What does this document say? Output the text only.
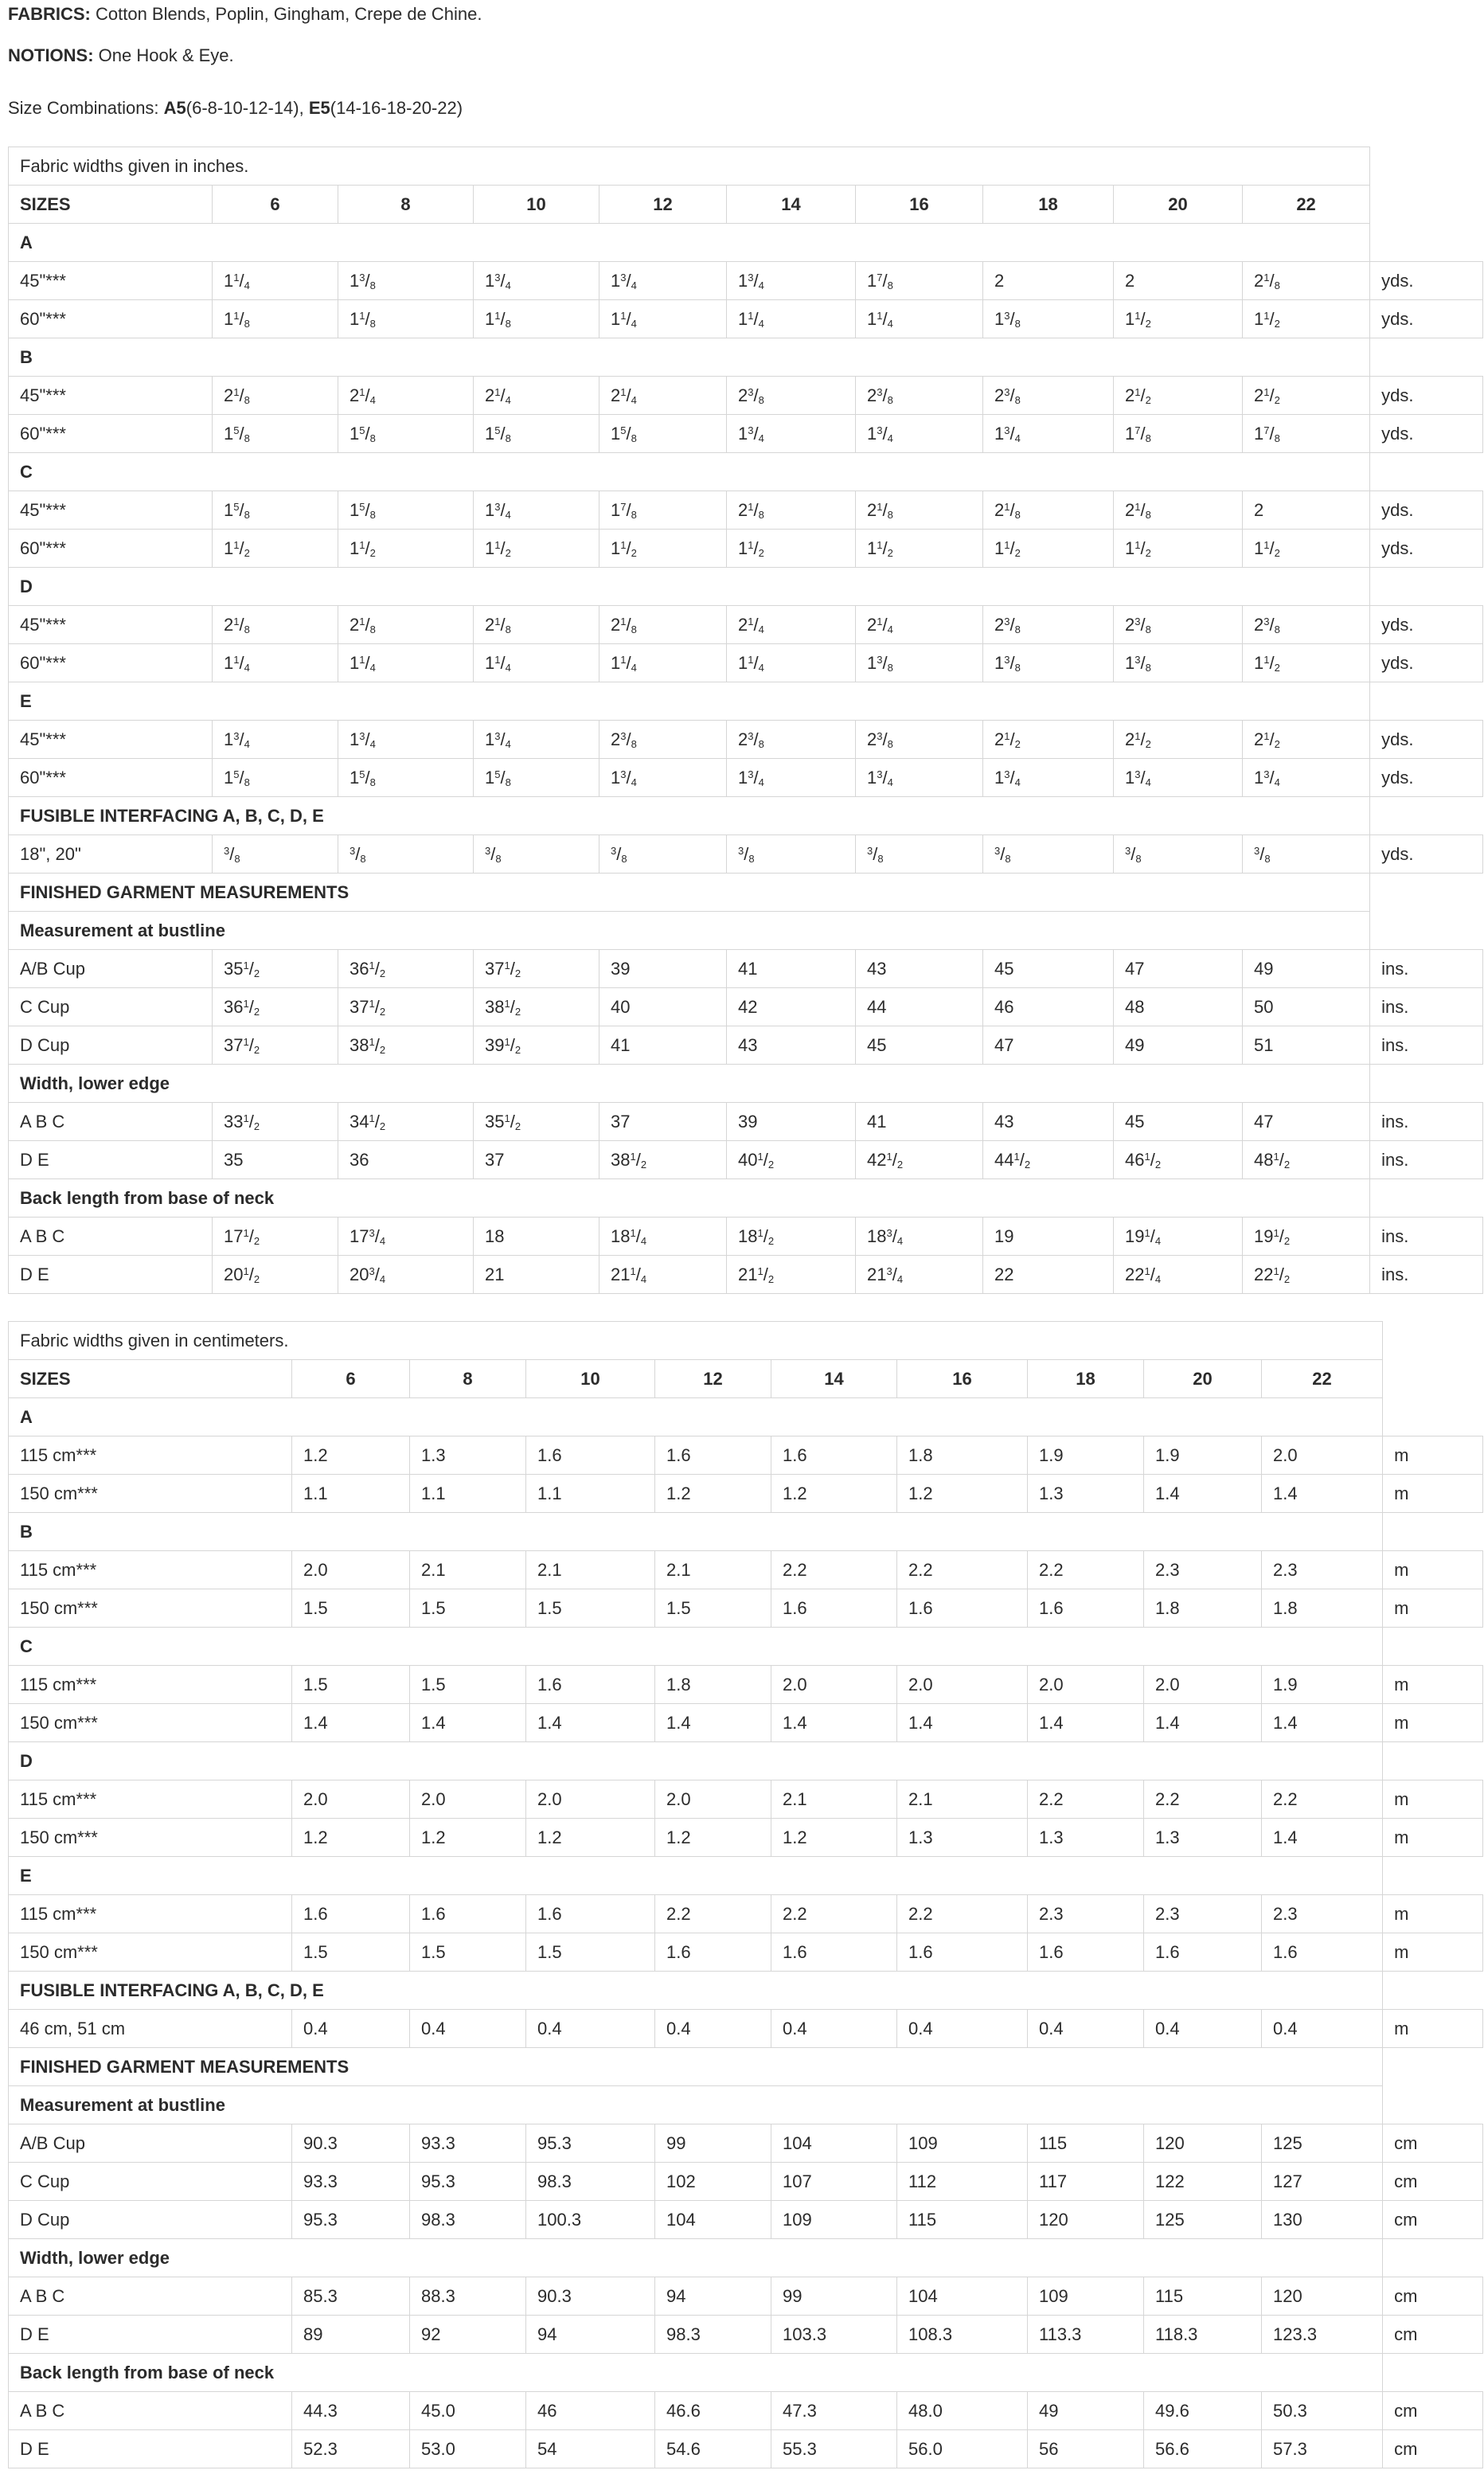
FABRICS: Cotton Blends, Poplin, Gingham, Crepe de Chine.

NOTIONS: One Hook & Eye.

Size Combinations: A5(6-8-10-12-14), E5(14-16-18-20-22)

Fabric widths given in inches.										
SIZES	6	8	10	12	14	16	18	20	22	
A										
45"***	$1^1/_4$	$1^3/_8$	$1^3/_4$	$1^3/_4$	$1^3/_4$	$1^7/_8$	2	2	$2^1/_8$	yds.
60"***	$1^1/_8$	$1^1/_8$	$1^1/_8$	$1^1/_4$	$1^1/_4$	$1^1/_4$	$1^3/_8$	$1^1/_2$	$1^1/_2$	yds.
B										
45"***	$2^1/_8$	$2^1/_4$	$2^1/_4$	$2^1/_4$	$2^3/_8$	$2^3/_8$	$2^3/_8$	$2^1/_2$	$2^1/_2$	yds.
60"***	$1^5/_8$	$1^5/_8$	$1^5/_8$	$1^5/_8$	$1^3/_4$	$1^3/_4$	$1^3/_4$	$1^7/_8$	$1^7/_8$	yds.
C										
45"***	$1^5/_8$	$1^5/_8$	$1^3/_4$	$1^7/_8$	$2^1/_8$	$2^1/_8$	$2^1/_8$	$2^1/_8$	2	yds.
60"***	$1^1/_2$	$1^1/_2$	$1^1/_2$	$1^1/_2$	$1^1/_2$	$1^1/_2$	$1^1/_2$	$1^1/_2$	$1^1/_2$	yds.
D										
45"***	$2^1/_8$	$2^1/_8$	$2^1/_8$	$2^1/_8$	$2^1/_4$	$2^1/_4$	$2^3/_8$	$2^3/_8$	$2^3/_8$	yds.
60"***	$1^1/_4$	$1^1/_4$	$1^1/_4$	$1^1/_4$	$1^1/_4$	$1^3/_8$	$1^3/_8$	$1^3/_8$	$1^1/_2$	yds.
E										
45"***	$1^3/_4$	$1^3/_4$	$1^3/_4$	$2^3/_8$	$2^3/_8$	$2^3/_8$	$2^1/_2$	$2^1/_2$	$2^1/_2$	yds.
60"***	$1^5/_8$	$1^5/_8$	$1^5/_8$	$1^3/_4$	$1^3/_4$	$1^3/_4$	$1^3/_4$	$1^3/_4$	$1^3/_4$	yds.
FUSIBLE INTERFACING A, B, C, D, E										
18", 20"	$^3/_8$	$^3/_8$	$^3/_8$	$^3/_8$	$^3/_8$	$^3/_8$	$^3/_8$	$^3/_8$	$^3/_8$	yds.
FINISHED GARMENT MEASUREMENTS										
Measurement at bustline										
A/B Cup	$35^1/_2$	$36^1/_2$	$37^1/_2$	39	41	43	45	47	49	ins.
C Cup	$36^1/_2$	$37^1/_2$	$38^1/_2$	40	42	44	46	48	50	ins.
D Cup	$37^1/_2$	$38^1/_2$	$39^1/_2$	41	43	45	47	49	51	ins.
Width, lower edge										
A B C	$33^1/_2$	$34^1/_2$	$35^1/_2$	37	39	41	43	45	47	ins.
D E	35	36	37	$38^1/_2$	$40^1/_2$	$42^1/_2$	$44^1/_2$	$46^1/_2$	$48^1/_2$	ins.
Back length from base of neck										
A B C	$17^1/_2$	$17^3/_4$	18	$18^1/_4$	$18^1/_2$	$18^3/_4$	19	$19^1/_4$	$19^1/_2$	ins.
D E	$20^1/_2$	$20^3/_4$	21	$21^1/_4$	$21^1/_2$	$21^3/_4$	22	$22^1/_4$	$22^1/_2$	ins.
Fabric widths given in centimeters.										
SIZES	6	8	10	12	14	16	18	20	22	
A										
115 cm***	1.2	1.3	1.6	1.6	1.6	1.8	1.9	1.9	2.0	m
150 cm***	1.1	1.1	1.1	1.2	1.2	1.2	1.3	1.4	1.4	m
B										
115 cm***	2.0	2.1	2.1	2.1	2.2	2.2	2.2	2.3	2.3	m
150 cm***	1.5	1.5	1.5	1.5	1.6	1.6	1.6	1.8	1.8	m
C										
115 cm***	1.5	1.5	1.6	1.8	2.0	2.0	2.0	2.0	1.9	m
150 cm***	1.4	1.4	1.4	1.4	1.4	1.4	1.4	1.4	1.4	m
D										
115 cm***	2.0	2.0	2.0	2.0	2.1	2.1	2.2	2.2	2.2	m
150 cm***	1.2	1.2	1.2	1.2	1.2	1.3	1.3	1.3	1.4	m
E										
115 cm***	1.6	1.6	1.6	2.2	2.2	2.2	2.3	2.3	2.3	m
150 cm***	1.5	1.5	1.5	1.6	1.6	1.6	1.6	1.6	1.6	m
FUSIBLE INTERFACING A, B, C, D, E										
46 cm, 51 cm	0.4	0.4	0.4	0.4	0.4	0.4	0.4	0.4	0.4	m
FINISHED GARMENT MEASUREMENTS										
Measurement at bustline										
A/B Cup	90.3	93.3	95.3	99	104	109	115	120	125	cm
C Cup	93.3	95.3	98.3	102	107	112	117	122	127	cm
D Cup	95.3	98.3	100.3	104	109	115	120	125	130	cm
Width, lower edge										
A B C	85.3	88.3	90.3	94	99	104	109	115	120	cm
D E	89	92	94	98.3	103.3	108.3	113.3	118.3	123.3	cm
Back length from base of neck										
A B C	44.3	45.0	46	46.6	47.3	48.0	49	49.6	50.3	cm
D E	52.3	53.0	54	54.6	55.3	56.0	56	56.6	57.3	cm
